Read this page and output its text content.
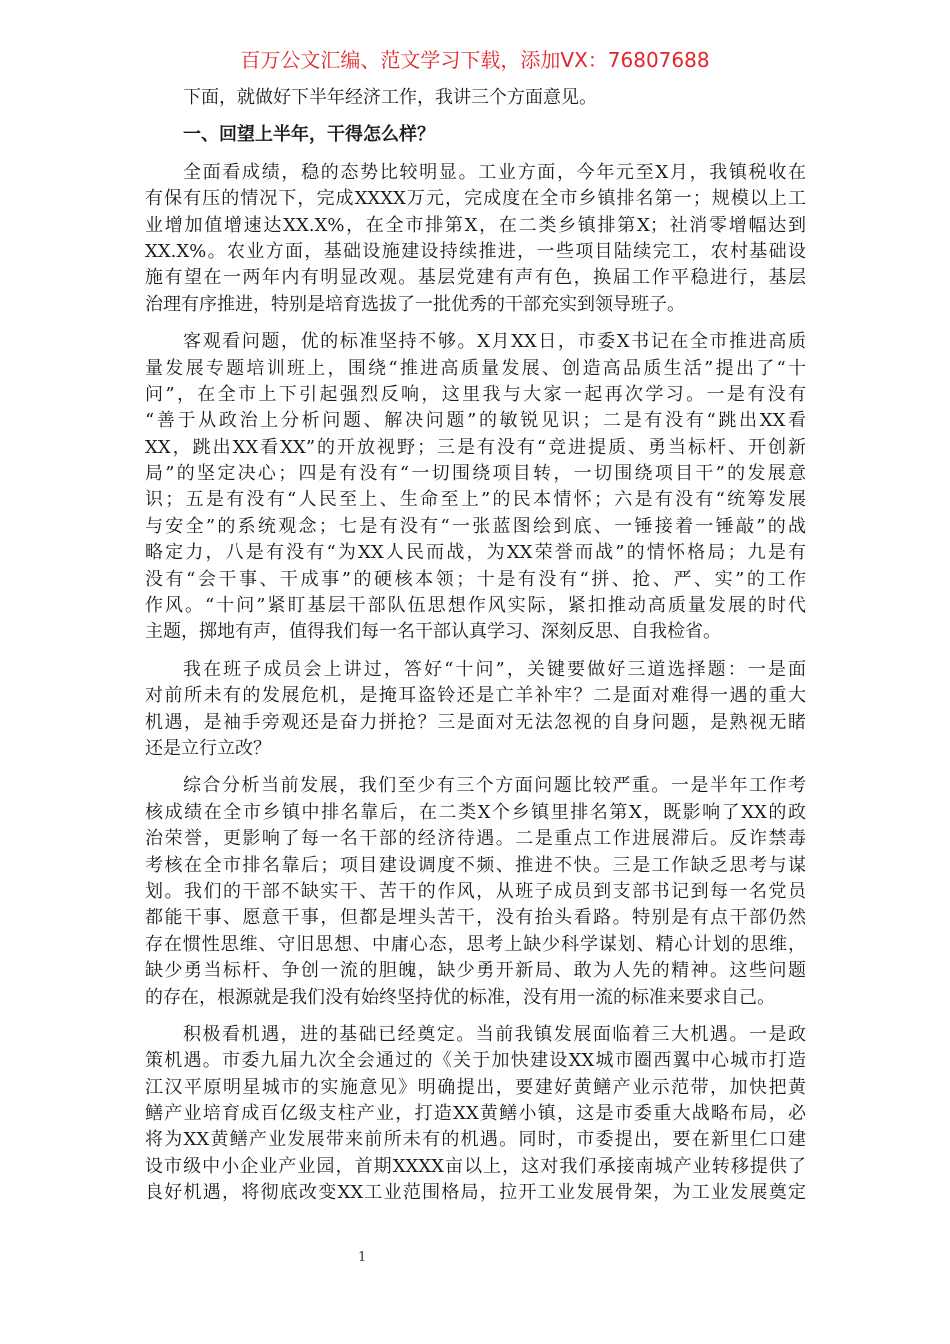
百万公文汇编、范文学习下载，添加VX：76807688
下面，就做好下半年经济工作，我讲三个方面意见。
一、回望上半年，干得怎么样？
全面看成绩，稳的态势比较明显。工业方面，今年元至X月，我镇税收在
有保有压的情况下，完成XXXX万元，完成度在全市乡镇排名第一；规模以上工
业增加值增速达XX.X%，在全市排第X，在二类乡镇排第X；社消零增幅达到
XX.X%。农业方面，基础设施建设持续推进，一些项目陆续完工，农村基础设
施有望在一两年内有明显改观。基层党建有声有色，换届工作平稳进行，基层
治理有序推进，特别是培育选拔了一批优秀的干部充实到领导班子。
客观看问题，优的标准坚持不够。X月XX日，市委X书记在全市推进高质
量发展专题培训班上，围绕“推进高质量发展、创造高品质生活”提出了“十
问”，在全市上下引起强烈反响，这里我与大家一起再次学习。一是有没有
“善于从政治上分析问题、解决问题”的敏锐见识；二是有没有“跳出XX看
XX，跳出XX看XX”的开放视野；三是有没有“竞进提质、勇当标杆、开创新
局”的坚定决心；四是有没有“一切围绕项目转，一切围绕项目干”的发展意
识；五是有没有“人民至上、生命至上”的民本情怀；六是有没有“统筹发展
与安全”的系统观念；七是有没有“一张蓝图绘到底、一锤接着一锤敲”的战
略定力，八是有没有“为XX人民而战，为XX荣誉而战”的情怀格局；九是有
没有“会干事、干成事”的硬核本领；十是有没有“拼、抢、严、实”的工作
作风。“十问”紧盯基层干部队伍思想作风实际，紧扣推动高质量发展的时代
主题，掷地有声，值得我们每一名干部认真学习、深刻反思、自我检省。
我在班子成员会上讲过，答好“十问”，关键要做好三道选择题：一是面
对前所未有的发展危机，是掩耳盗铃还是亡羊补牢？二是面对难得一遇的重大
机遇，是袖手旁观还是奋力拼抢？三是面对无法忽视的自身问题，是熟视无睹
还是立行立改？
综合分析当前发展，我们至少有三个方面问题比较严重。一是半年工作考
核成绩在全市乡镇中排名靠后，在二类X个乡镇里排名第X，既影响了XX的政
治荣誉，更影响了每一名干部的经济待遇。二是重点工作进展滞后。反诈禁毒
考核在全市排名靠后；项目建设调度不频、推进不快。三是工作缺乏思考与谋
划。我们的干部不缺实干、苦干的作风，从班子成员到支部书记到每一名党员
都能干事、愿意干事，但都是埋头苦干，没有抬头看路。特别是有点干部仍然
存在惯性思维、守旧思想、中庸心态，思考上缺少科学谋划、精心计划的思维，
缺少勇当标杆、争创一流的胆魄，缺少勇开新局、敢为人先的精神。这些问题
的存在，根源就是我们没有始终坚持优的标准，没有用一流的标准来要求自己。
积极看机遇，进的基础已经奠定。当前我镇发展面临着三大机遇。一是政
策机遇。市委九届九次全会通过的《关于加快建设XX城市圈西翼中心城市打造
江汉平原明星城市的实施意见》明确提出，要建好黄鳝产业示范带，加快把黄
鳝产业培育成百亿级支柱产业，打造XX黄鳝小镇，这是市委重大战略布局，必
将为XX黄鳝产业发展带来前所未有的机遇。同时，市委提出，要在新里仁口建
设市级中小企业产业园，首期XXXX亩以上，这对我们承接南城产业转移提供了
良好机遇，将彻底改变XX工业范围格局，拉开工业发展骨架，为工业发展奠定
1
